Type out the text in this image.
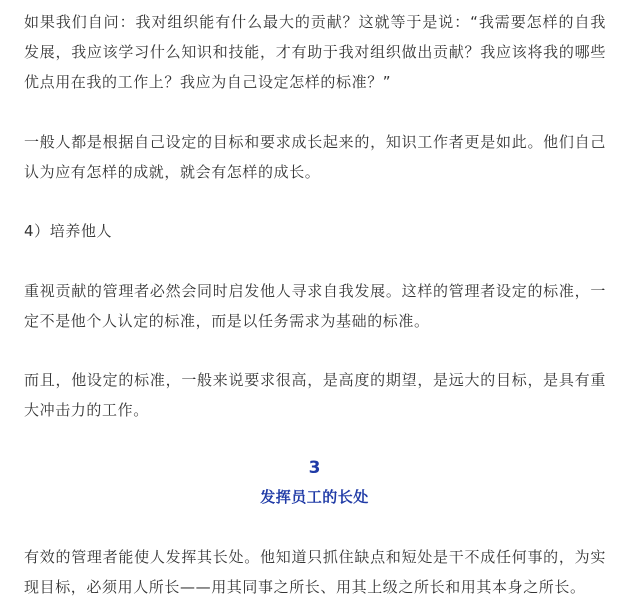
如果我们自问：我对组织能有什么最大的贡献？这就等于是说：“我需要怎样的自我发展，我应该学习什么知识和技能，才有助于我对组织做出贡献？我应该将我的哪些优点用在我的工作上？我应为自己设定怎样的标准？”

一般人都是根据自己设定的目标和要求成长起来的，知识工作者更是如此。他们自己认为应有怎样的成就，就会有怎样的成长。

4）培养他人

重视贡献的管理者必然会同时启发他人寻求自我发展。这样的管理者设定的标准，一定不是他个人认定的标准，而是以任务需求为基础的标准。

而且，他设定的标准，一般来说要求很高，是高度的期望，是远大的目标，是具有重大冲击力的工作。

3
发挥员工的长处

有效的管理者能使人发挥其长处。他知道只抓住缺点和短处是干不成任何事的，为实现目标，必须用人所长——用其同事之所长、用其上级之所长和用其本身之所长。
